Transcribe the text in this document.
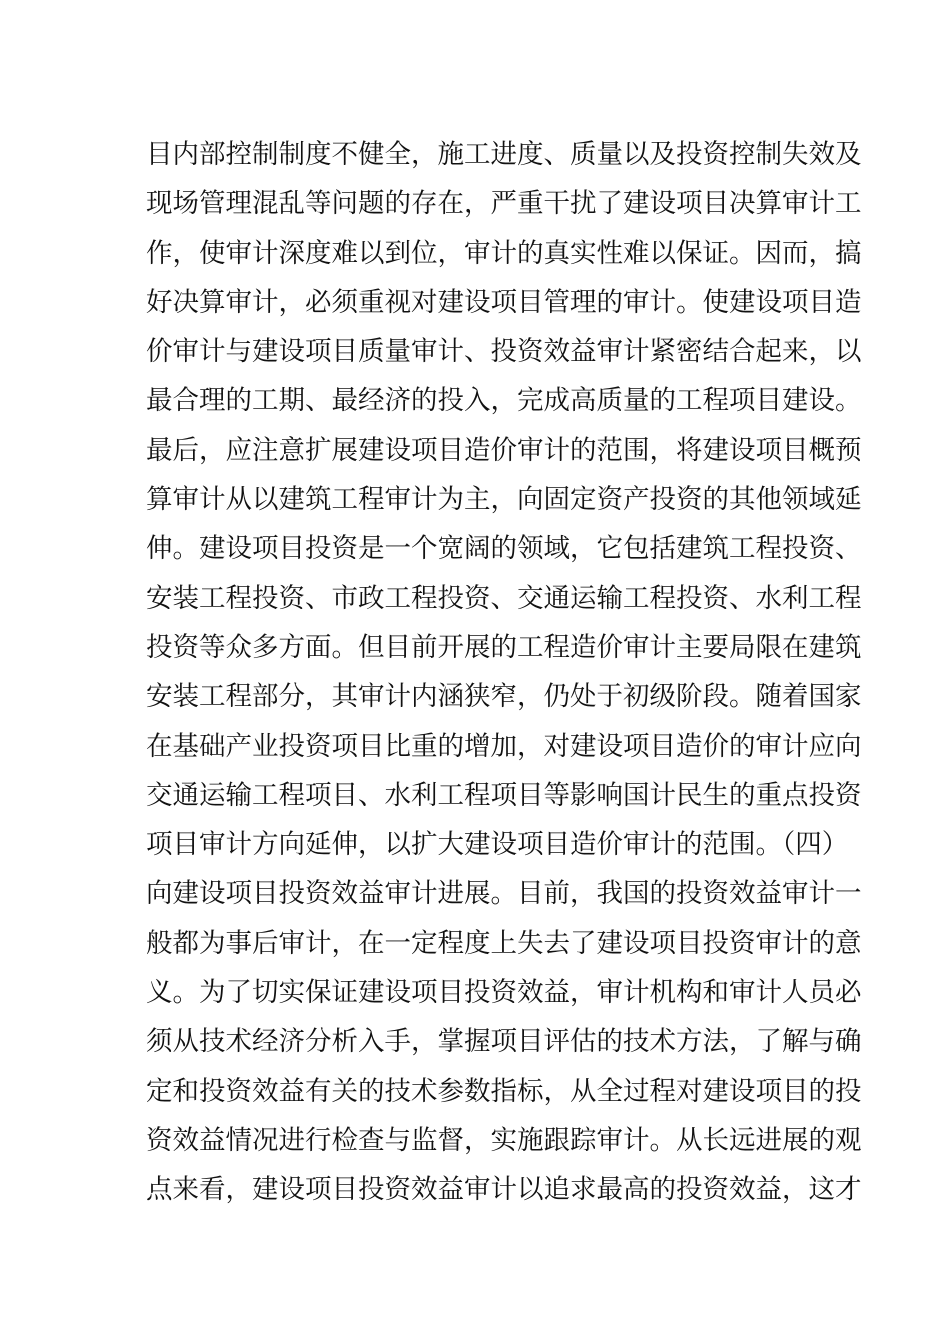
目内部控制制度不健全，施工进度、质量以及投资控制失效及
现场管理混乱等问题的存在，严重干扰了建设项目决算审计工
作，使审计深度难以到位，审计的真实性难以保证。因而，搞
好决算审计，必须重视对建设项目管理的审计。使建设项目造
价审计与建设项目质量审计、投资效益审计紧密结合起来，以
最合理的工期、最经济的投入，完成高质量的工程项目建设。
最后，应注意扩展建设项目造价审计的范围，将建设项目概预
算审计从以建筑工程审计为主，向固定资产投资的其他领域延
伸。建设项目投资是一个宽阔的领域，它包括建筑工程投资、
安装工程投资、市政工程投资、交通运输工程投资、水利工程
投资等众多方面。但目前开展的工程造价审计主要局限在建筑
安装工程部分，其审计内涵狭窄，仍处于初级阶段。随着国家
在基础产业投资项目比重的增加，对建设项目造价的审计应向
交通运输工程项目、水利工程项目等影响国计民生的重点投资
项目审计方向延伸，以扩大建设项目造价审计的范围。（四）
向建设项目投资效益审计进展。目前，我国的投资效益审计一
般都为事后审计，在一定程度上失去了建设项目投资审计的意
义。为了切实保证建设项目投资效益，审计机构和审计人员必
须从技术经济分析入手，掌握项目评估的技术方法，了解与确
定和投资效益有关的技术参数指标，从全过程对建设项目的投
资效益情况进行检查与监督，实施跟踪审计。从长远进展的观
点来看，建设项目投资效益审计以追求最高的投资效益，这才
